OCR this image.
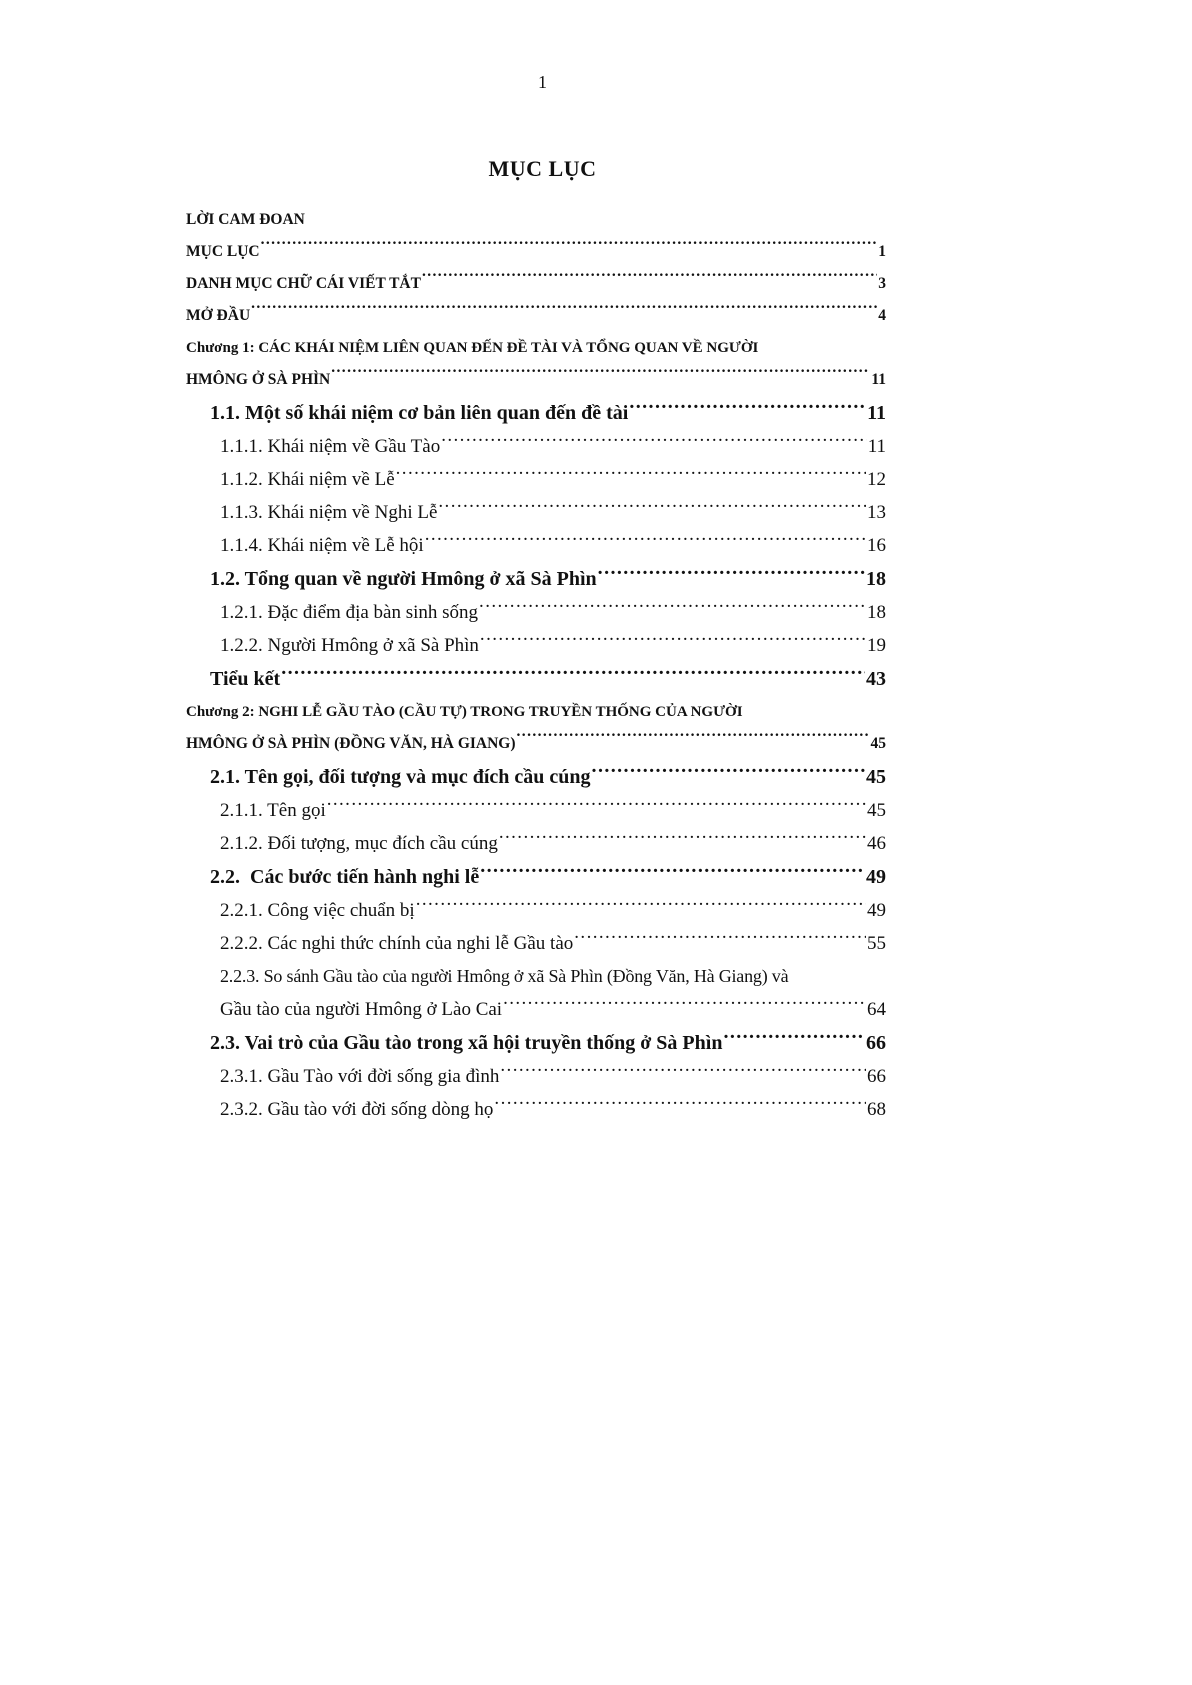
1
MỤC LỤC
LỜI CAM ĐOAN
MỤC LỤC .....	1
DANH MỤC CHỮ CÁI VIẾT TẮT .....	3
MỞ ĐẦU .....	4
Chương 1: CÁC KHÁI NIỆM LIÊN QUAN ĐẾN ĐỀ TÀI VÀ TỔNG QUAN VỀ NGƯỜI
HMÔNG Ở SÀ PHÌN .....	11
1.1. Một số khái niệm cơ bản liên quan đến đề tài .....	11
1.1.1. Khái niệm về Gầu Tào .....	11
1.1.2. Khái niệm về Lễ .....	12
1.1.3. Khái niệm về Nghi Lễ .....	13
1.1.4. Khái niệm về Lễ hội .....	16
1.2. Tổng quan về người Hmông ở xã Sà Phìn .....	18
1.2.1. Đặc điểm địa bàn sinh sống .....	18
1.2.2. Người Hmông ở xã Sà Phìn .....	19
Tiểu kết .....	43
Chương 2: NGHI LỄ GẦU TÀO (CẦU TỰ) TRONG TRUYỀN THỐNG CỦA NGƯỜI
HMÔNG Ở SÀ PHÌN (ĐỒNG VĂN, HÀ GIANG) .....	45
2.1. Tên gọi, đối tượng và mục đích cầu cúng .....	45
2.1.1. Tên gọi .....	45
2.1.2. Đối tượng, mục đích cầu cúng .....	46
2.2.  Các bước tiến hành nghi lễ .....	49
2.2.1. Công việc chuẩn bị .....	49
2.2.2. Các nghi thức chính của nghi lễ Gầu tào .....	55
2.2.3. So sánh Gầu tào của người Hmông ở xã Sà Phìn (Đồng Văn, Hà Giang) và
Gầu tào của người Hmông ở Lào Cai .....	64
2.3. Vai trò của Gầu tào trong xã hội truyền thống ở Sà Phìn .....	66
2.3.1. Gầu Tào với đời sống gia đình .....	66
2.3.2. Gầu tào với đời sống dòng họ .....	68
